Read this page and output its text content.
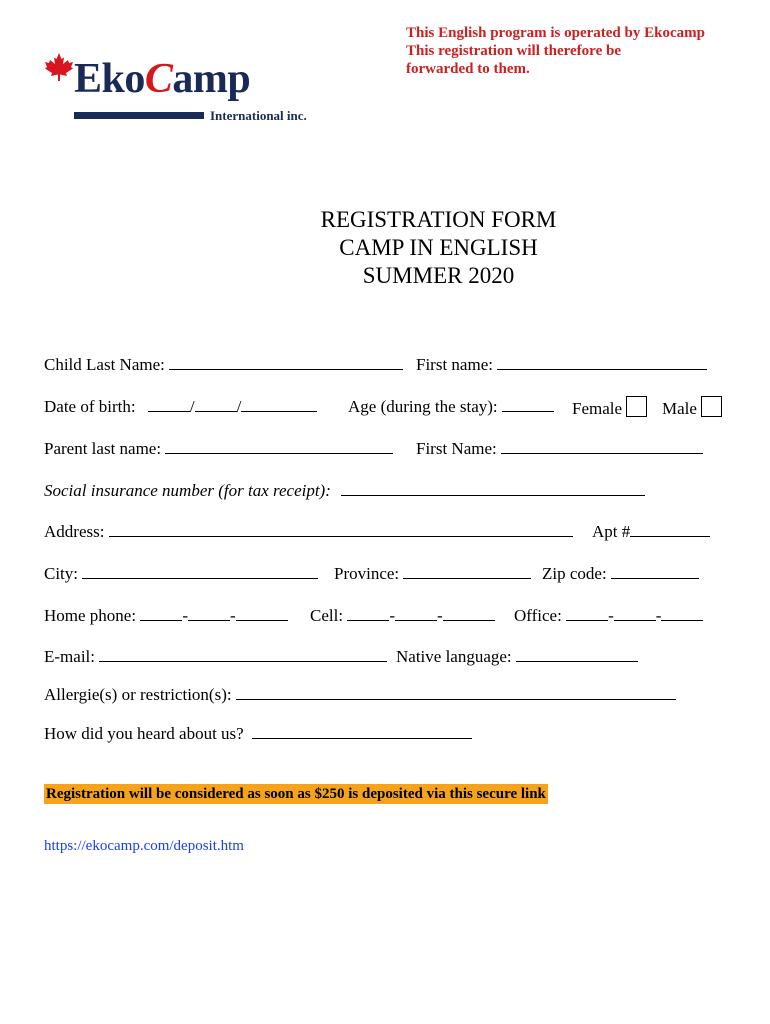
EkoCamp
International inc.
This English program is operated by Ekocamp
This registration will therefore be
forwarded to them.
REGISTRATION FORM
CAMP IN ENGLISH
SUMMER 2020
Child Last Name:	First name:
Date of birth:	/ /	Age (during the stay):	Female	Male
Parent last name:	First Name:
Social insurance number (for tax receipt):
Address:	Apt #
City:	Province:	Zip code:
Home phone:	- -	Cell:	- -	Office:	- -
E-mail:	Native language:
Allergie(s) or restriction(s):
How did you heard about us?
Registration will be considered as soon as $250 is deposited via this secure link
https://ekocamp.com/deposit.htm
